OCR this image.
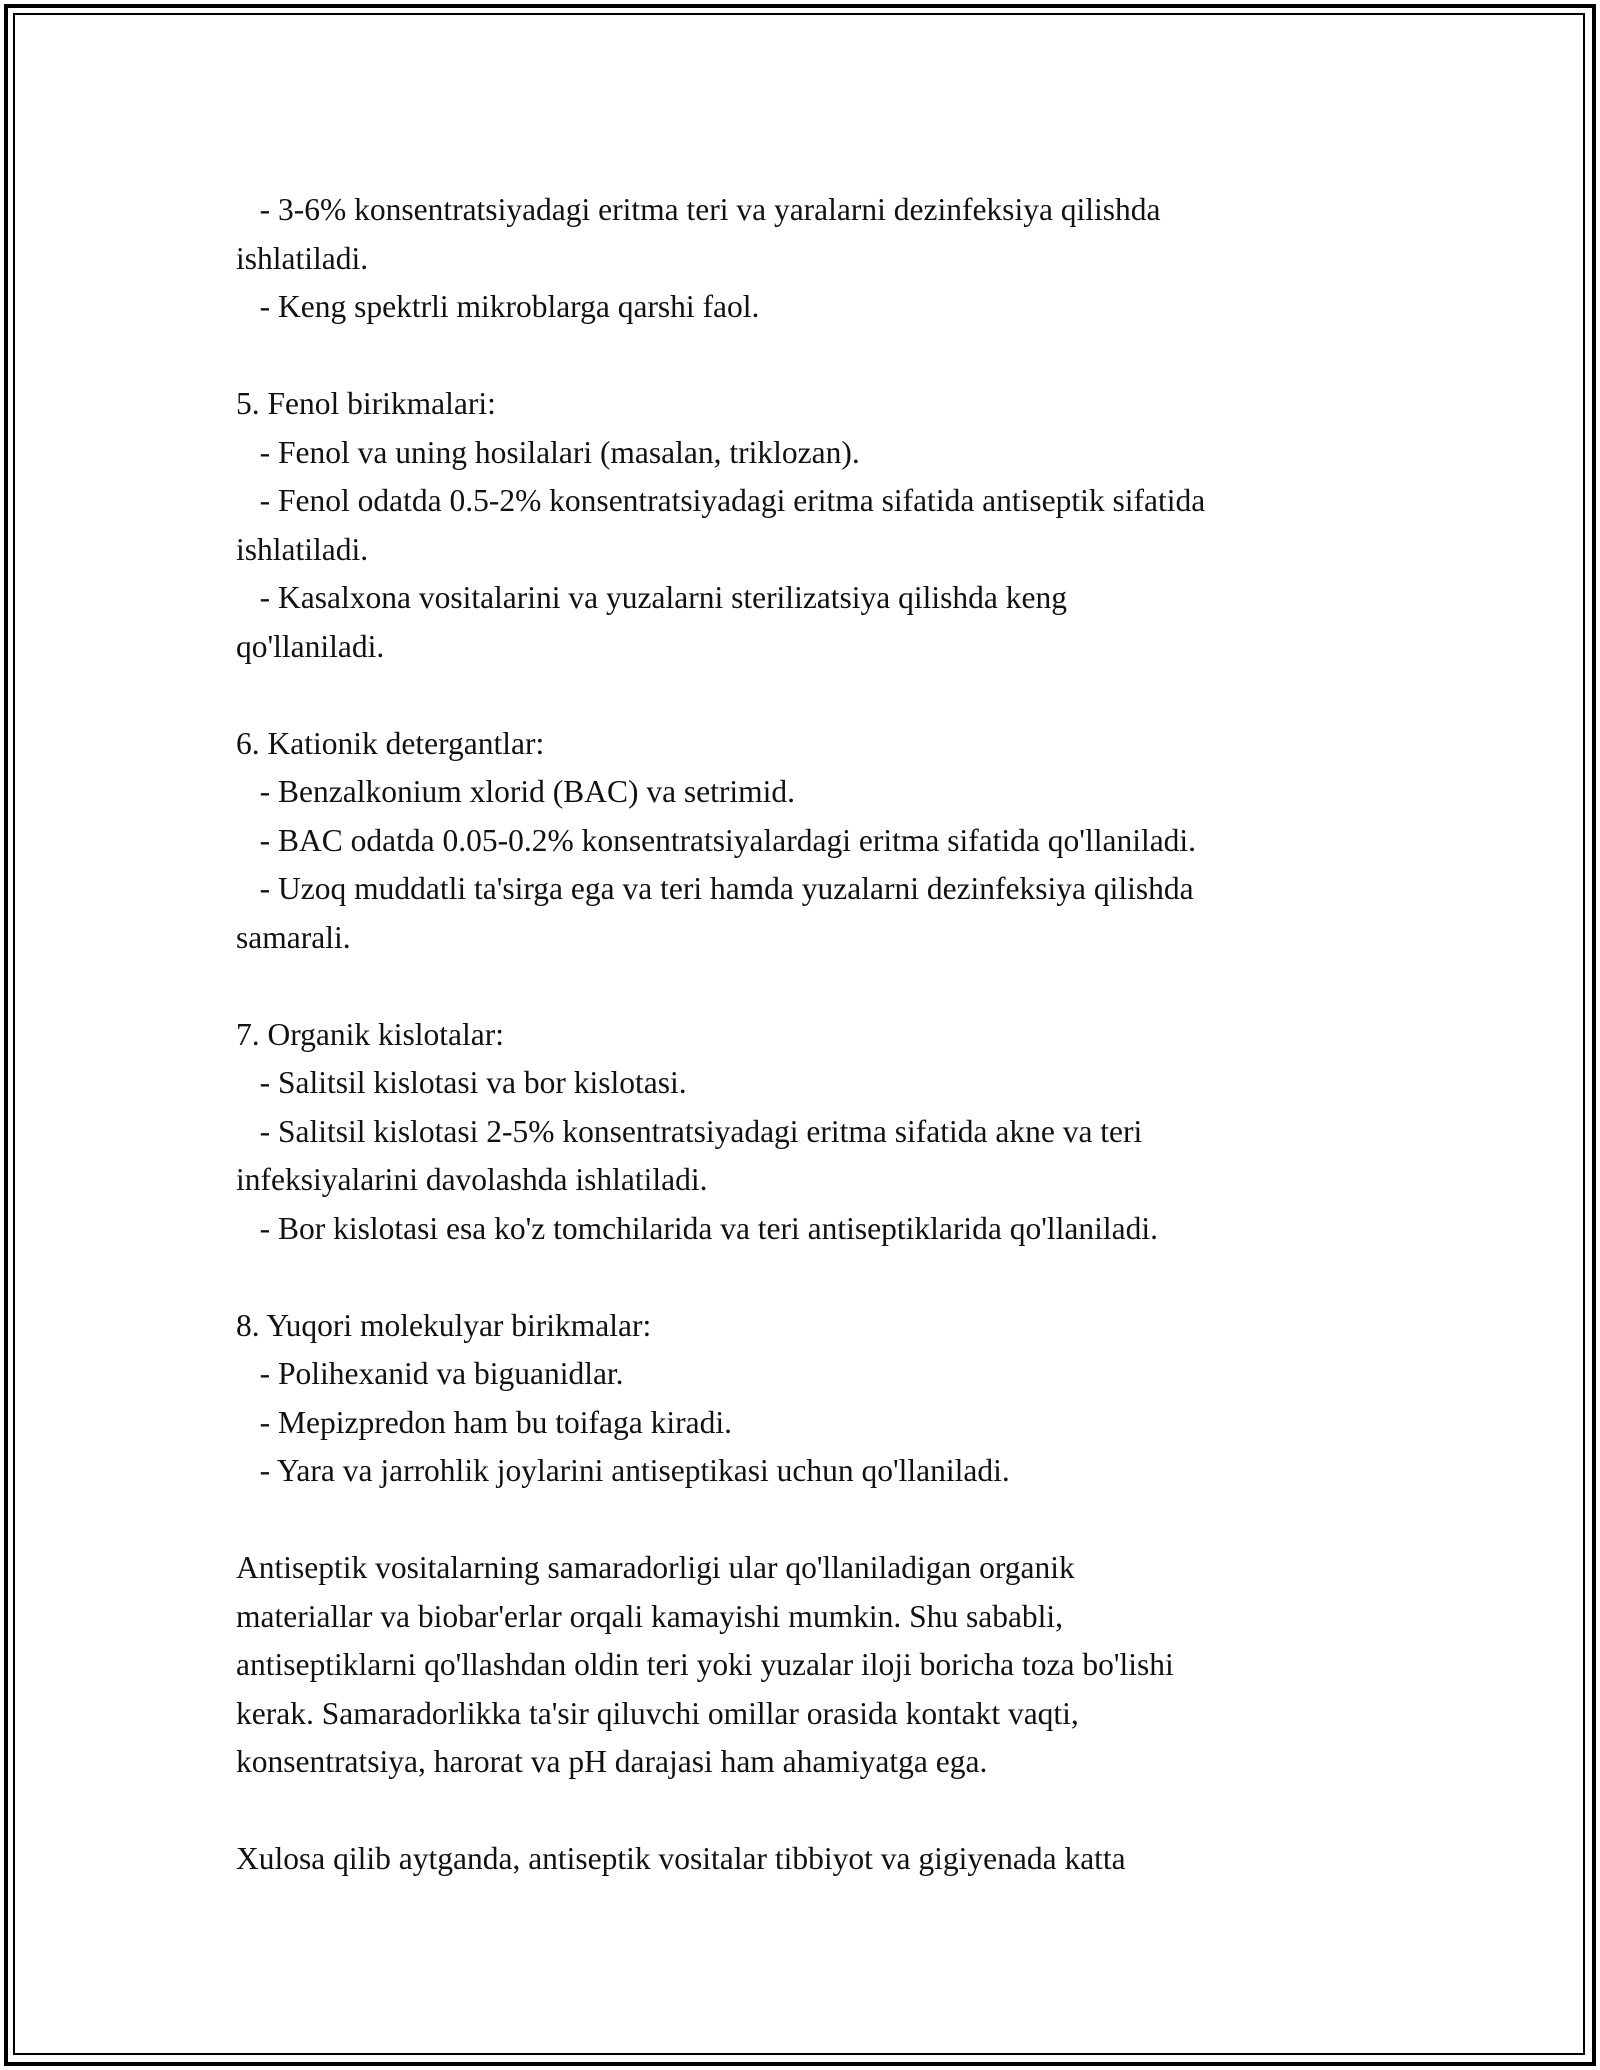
- 3-6% konsentratsiyadagi eritma teri va yaralarni dezinfeksiya qilishda
ishlatiladi.
- Keng spektrli mikroblarga qarshi faol.
5. Fenol birikmalari:
- Fenol va uning hosilalari (masalan, triklozan).
- Fenol odatda 0.5-2% konsentratsiyadagi eritma sifatida antiseptik sifatida
ishlatiladi.
- Kasalxona vositalarini va yuzalarni sterilizatsiya qilishda keng
qo'llaniladi.
6. Kationik detergantlar:
- Benzalkonium xlorid (BAC) va setrimid.
- BAC odatda 0.05-0.2% konsentratsiyalardagi eritma sifatida qo'llaniladi.
- Uzoq muddatli ta'sirga ega va teri hamda yuzalarni dezinfeksiya qilishda
samarali.
7. Organik kislotalar:
- Salitsil kislotasi va bor kislotasi.
- Salitsil kislotasi 2-5% konsentratsiyadagi eritma sifatida akne va teri
infeksiyalarini davolashda ishlatiladi.
- Bor kislotasi esa ko'z tomchilarida va teri antiseptiklarida qo'llaniladi.
8. Yuqori molekulyar birikmalar:
- Polihexanid va biguanidlar.
- Mepizpredon ham bu toifaga kiradi.
- Yara va jarrohlik joylarini antiseptikasi uchun qo'llaniladi.
Antiseptik vositalarning samaradorligi ular qo'llaniladigan organik
materiallar va biobar'erlar orqali kamayishi mumkin. Shu sababli,
antiseptiklarni qo'llashdan oldin teri yoki yuzalar iloji boricha toza bo'lishi
kerak. Samaradorlikka ta'sir qiluvchi omillar orasida kontakt vaqti,
konsentratsiya, harorat va pH darajasi ham ahamiyatga ega.
Xulosa qilib aytganda, antiseptik vositalar tibbiyot va gigiyenada katta
